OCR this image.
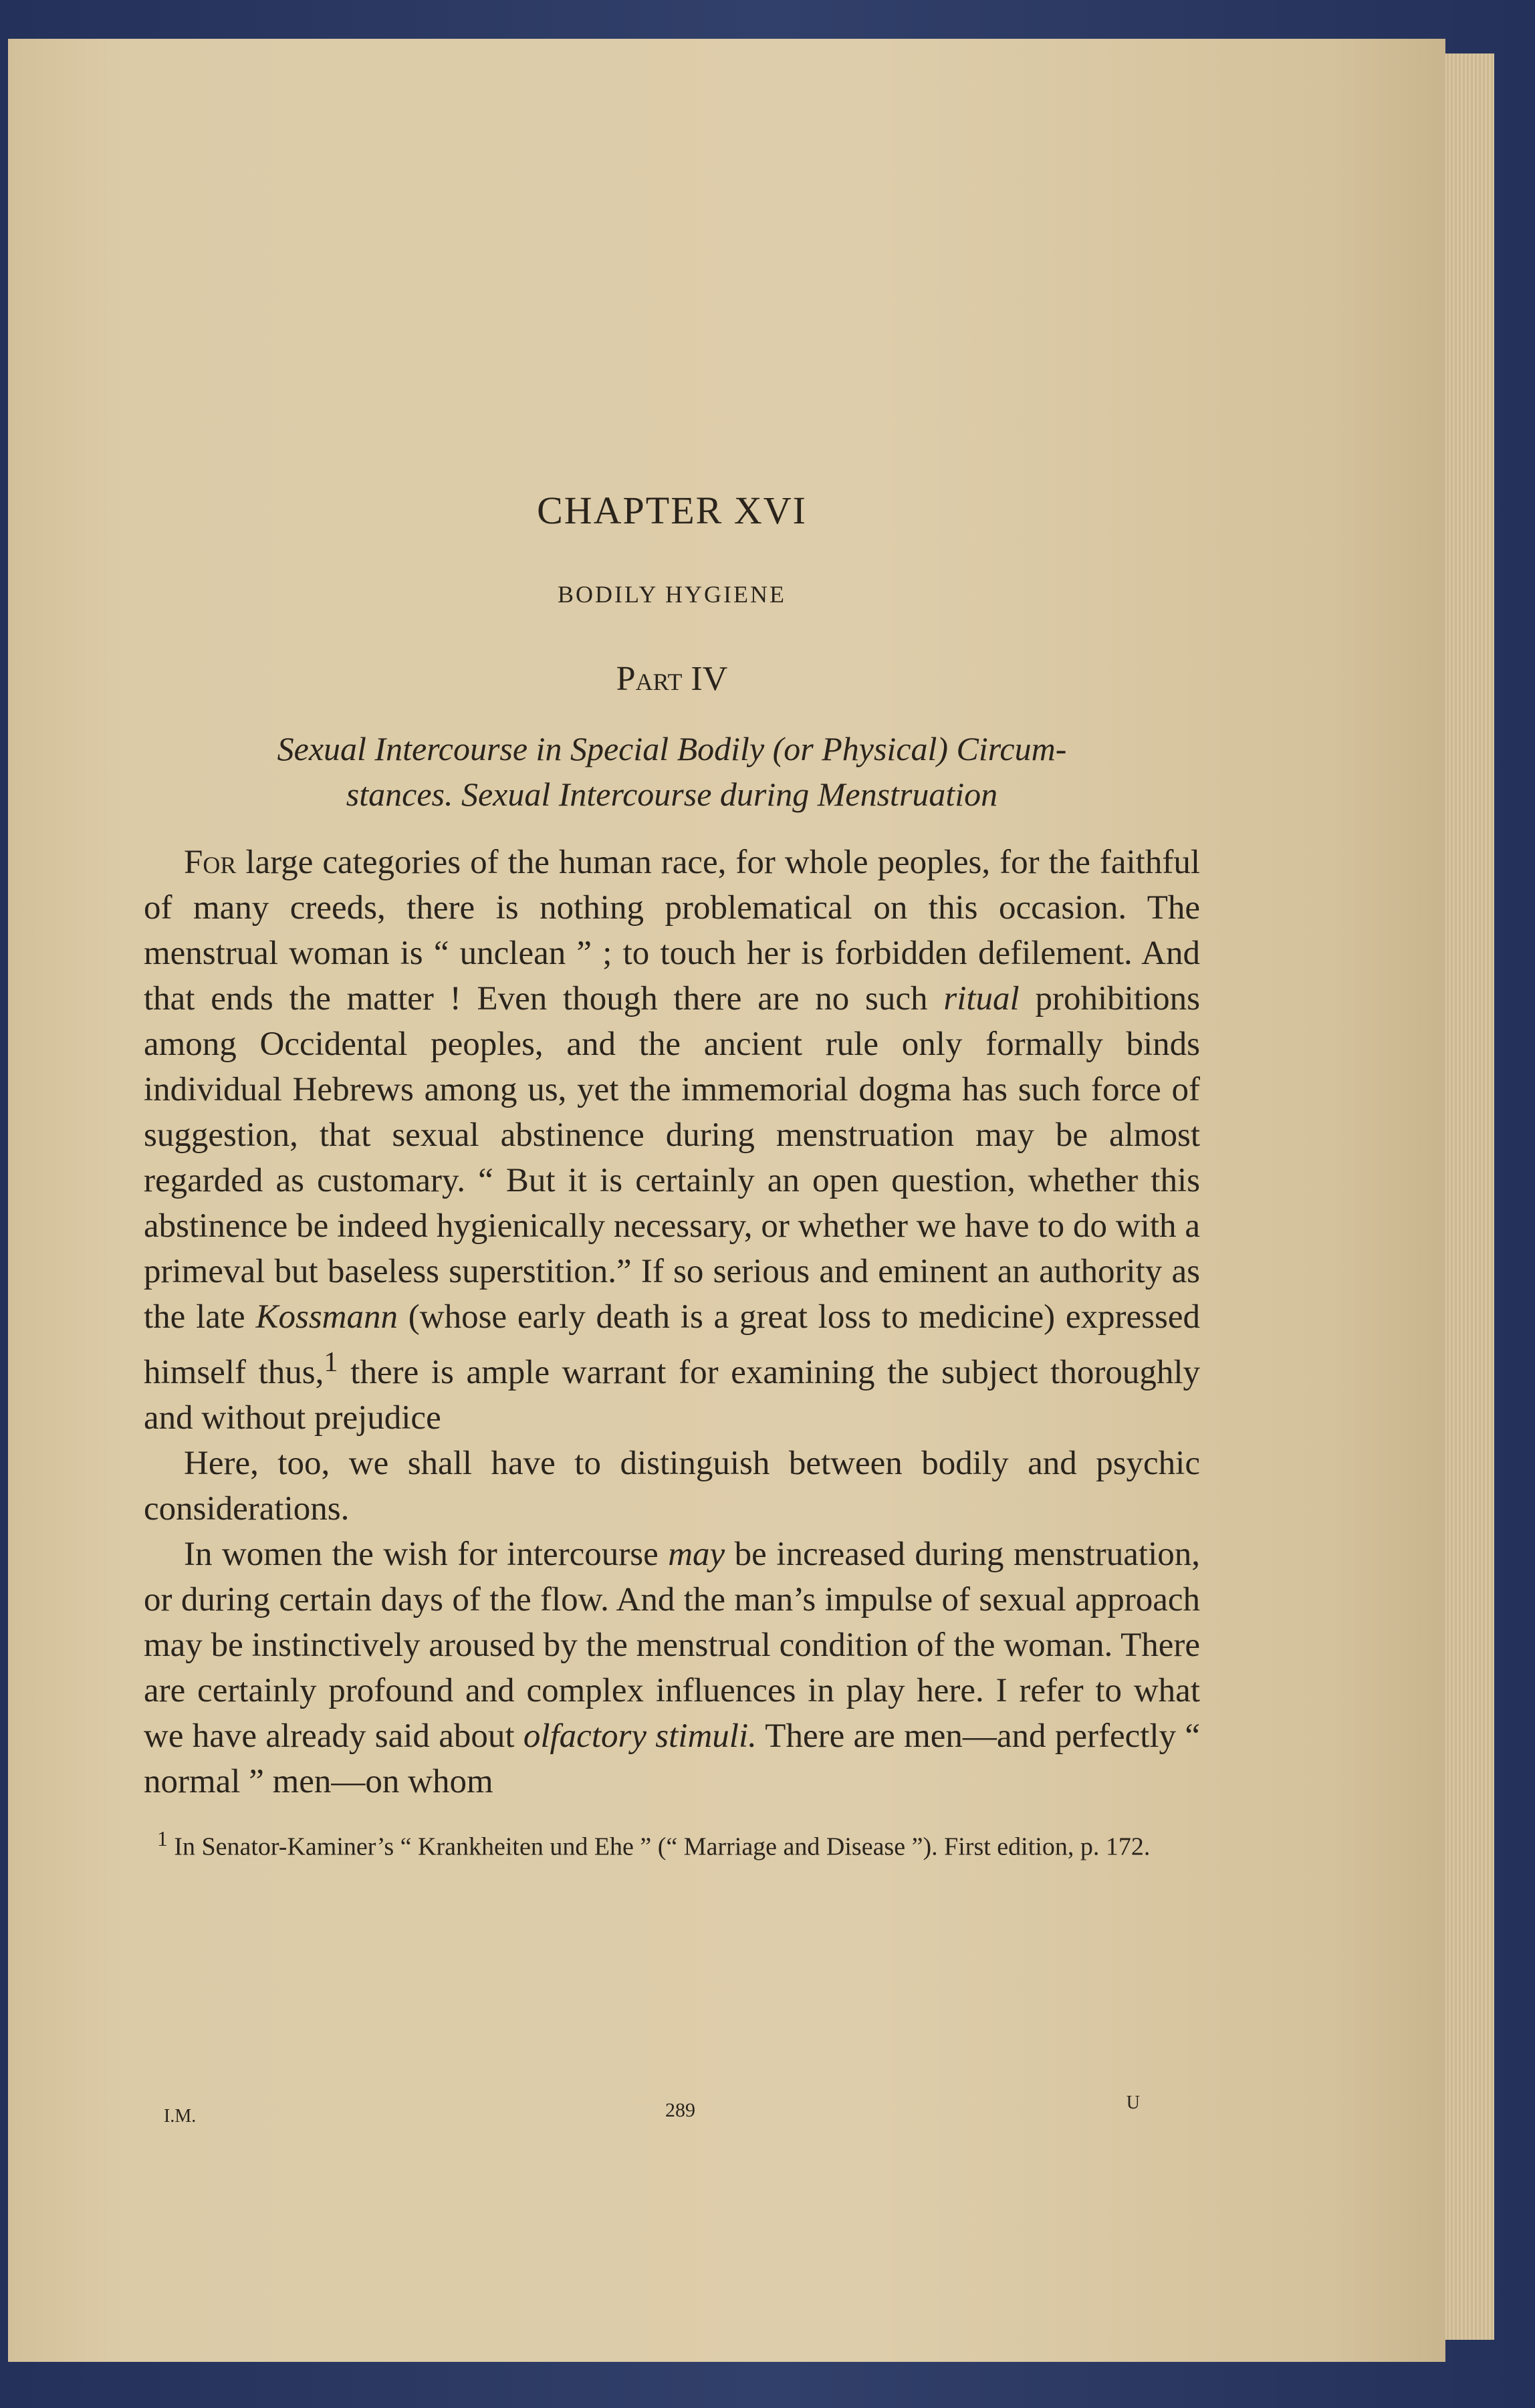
CHAPTER XVI
BODILY HYGIENE
Part IV
Sexual Intercourse in Special Bodily (or Physical) Circum-
stances. Sexual Intercourse during Menstruation

For large categories of the human race, for whole peoples, for the faithful of many creeds, there is nothing problematical on this occasion. The menstrual woman is “ unclean ” ; to touch her is forbidden defilement. And that ends the matter ! Even though there are no such ritual prohibitions among Occidental peoples, and the ancient rule only formally binds individual Hebrews among us, yet the immemorial dogma has such force of suggestion, that sexual abstinence during menstruation may be almost regarded as customary. “ But it is certainly an open question, whether this abstinence be indeed hygienically necessary, or whether we have to do with a primeval but baseless superstition.” If so serious and eminent an authority as the late Kossmann (whose early death is a great loss to medicine) expressed himself thus,$^1$ there is ample warrant for examining the subject thoroughly and without prejudice

Here, too, we shall have to distinguish between bodily and psychic considerations.

In women the wish for intercourse may be increased during menstruation, or during certain days of the flow. And the man’s impulse of sexual approach may be instinctively aroused by the menstrual condition of the woman. There are certainly profound and complex influences in play here. I refer to what we have already said about olfactory stimuli. There are men—and perfectly “ normal ” men—on whom

$^1$ In Senator-Kaminer’s “ Krankheiten und Ehe ” (“ Marriage and Disease ”). First edition, p. 172.
I.M.	289	U
